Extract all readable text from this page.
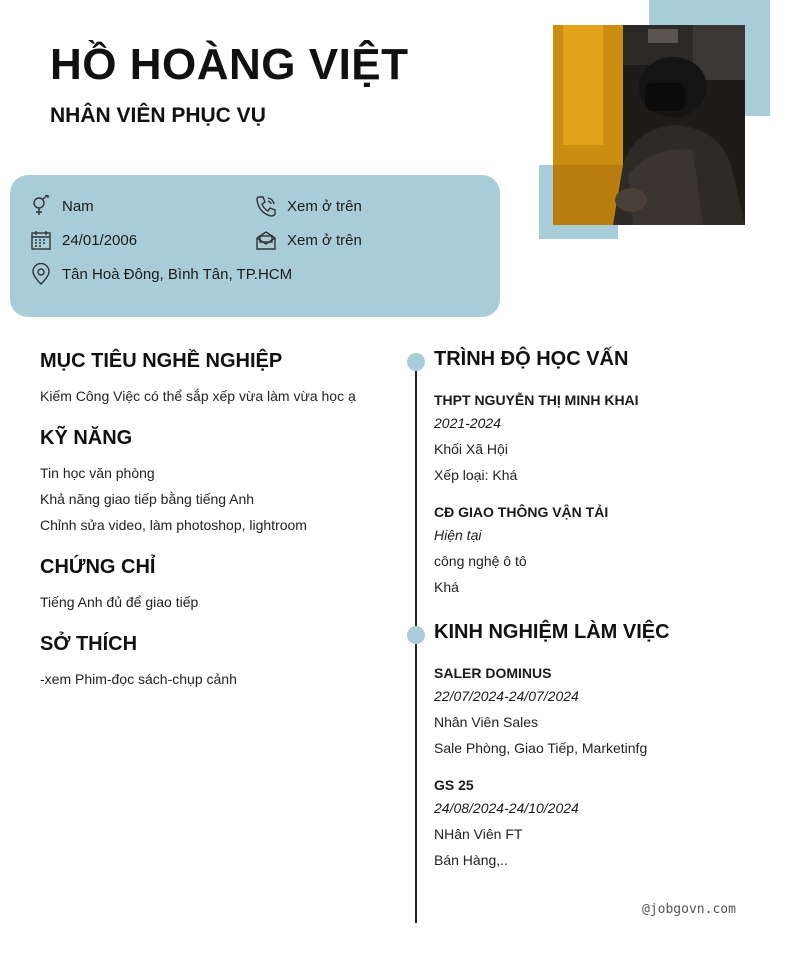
HỒ HOÀNG VIỆT
NHÂN VIÊN PHỤC VỤ
Nam	Xem ở trên
24/01/2006	Xem ở trên
Tân Hoà Đông, Bình Tân, TP.HCM
MỤC TIÊU NGHỀ NGHIỆP

Kiếm Công Việc có thể sắp xếp vừa làm vừa học ạ

KỸ NĂNG

Tin học văn phòng

Khả năng giao tiếp bằng tiếng Anh

Chỉnh sửa video, làm photoshop, lightroom

CHỨNG CHỈ

Tiếng Anh đủ để giao tiếp

SỞ THÍCH

-xem Phim-đọc sách-chụp cảnh

TRÌNH ĐỘ HỌC VẤN

THPT NGUYỄN THỊ MINH KHAI

2021-2024

Khối Xã Hội

Xếp loại: Khá

CĐ GIAO THÔNG VẬN TẢI

Hiện tại

công nghệ ô tô

Khá

KINH NGHIỆM LÀM VIỆC

SALER DOMINUS

22/07/2024-24/07/2024

Nhân Viên Sales

Sale Phòng, Giao Tiếp, Marketinfg

GS 25

24/08/2024-24/10/2024

NHân Viên FT

Bán Hàng,..

@jobgovn.com
